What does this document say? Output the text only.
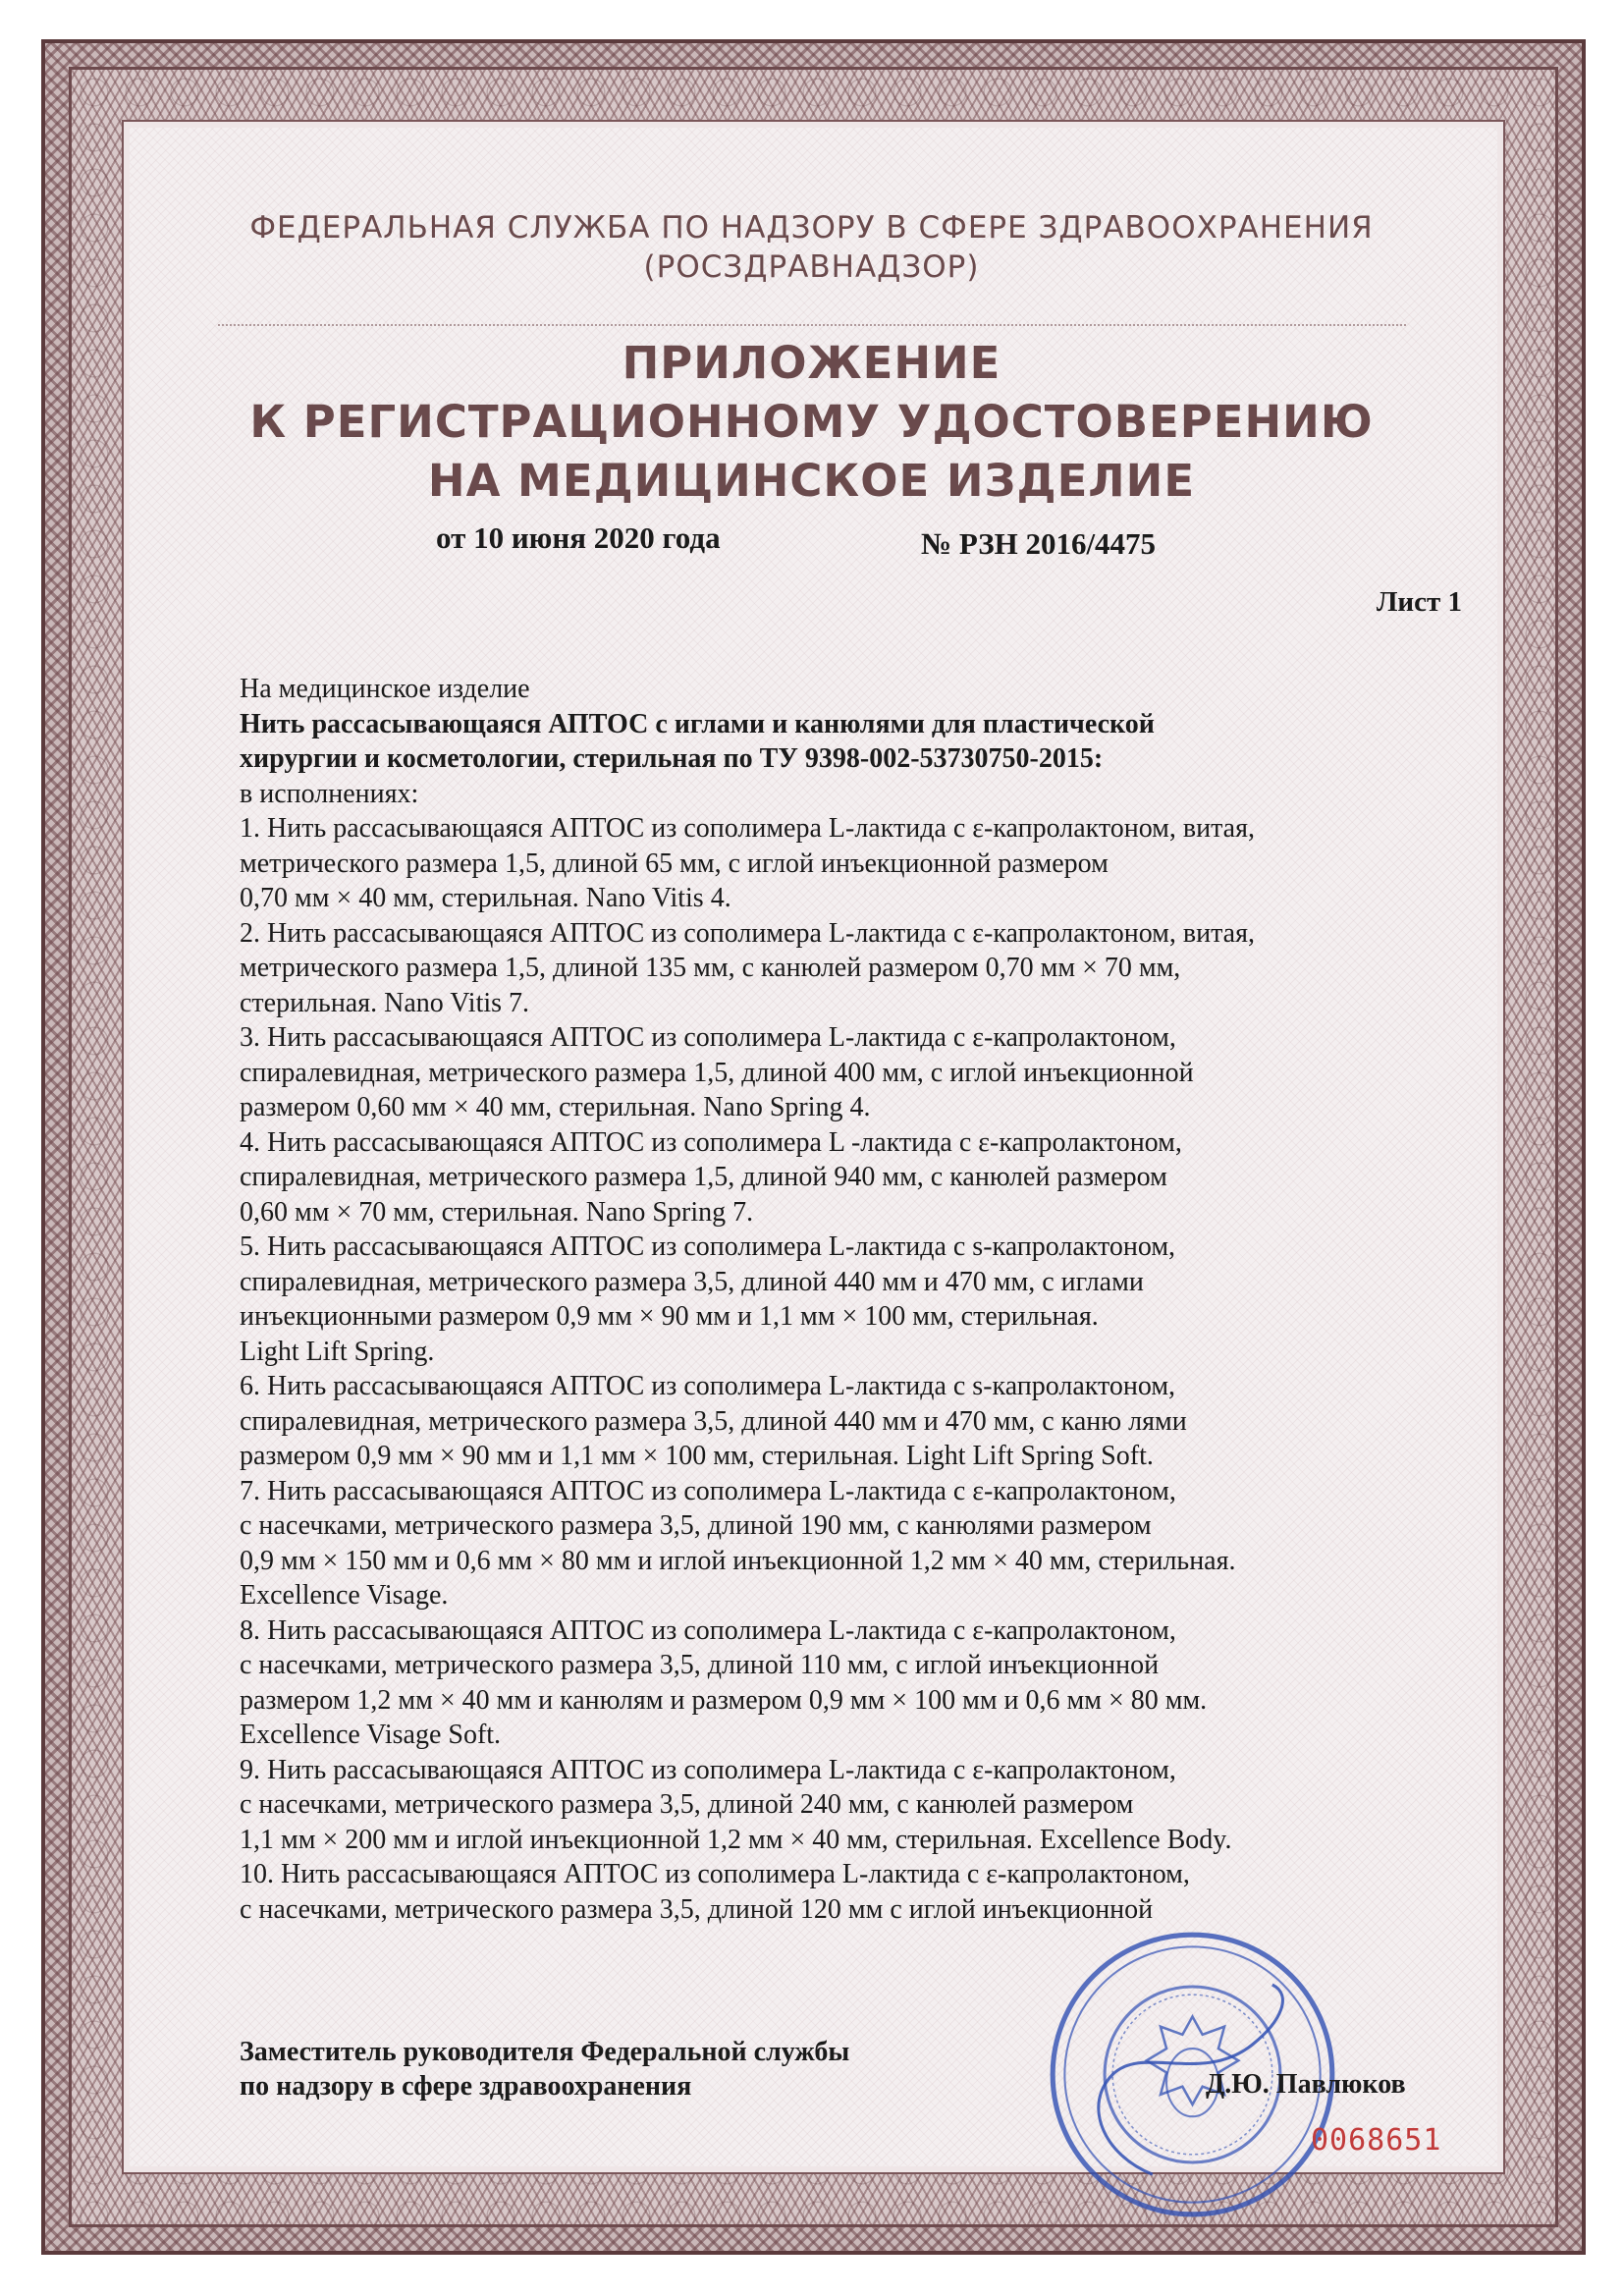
ФЕДЕРАЛЬНАЯ СЛУЖБА ПО НАДЗОРУ В СФЕРЕ ЗДРАВООХРАНЕНИЯ
(РОСЗДРАВНАДЗОР)
ПРИЛОЖЕНИЕ
К РЕГИСТРАЦИОННОМУ УДОСТОВЕРЕНИЮ
НА МЕДИЦИНСКОЕ ИЗДЕЛИЕ
от 10 июня 2020 года	№ РЗН 2016/4475
Лист 1
На медицинское изделие
Нить рассасывающаяся АПТОС с иглами и канюлями для пластической
хирургии и косметологии, стерильная по ТУ 9398-002-53730750-2015:
в исполнениях:
1. Нить рассасывающаяся АПТОС из сополимера L-лактида с ε-капролактоном, витая,
метрического размера 1,5, длиной 65 мм, с иглой инъекционной размером
0,70 мм × 40 мм, стерильная. Nano Vitis 4.
2. Нить рассасывающаяся АПТОС из сополимера L-лактида с ε-капролактоном, витая,
метрического размера 1,5, длиной 135 мм, с канюлей размером 0,70 мм × 70 мм,
стерильная. Nano Vitis 7.
3. Нить рассасывающаяся АПТОС из сополимера L-лактида с ε-капролактоном,
спиралевидная, метрического размера 1,5, длиной 400 мм, с иглой инъекционной
размером 0,60 мм × 40 мм, стерильная. Nano Spring 4.
4. Нить рассасывающаяся АПТОС из сополимера L -лактида с ε-капролактоном,
спиралевидная, метрического размера 1,5, длиной 940 мм, с канюлей размером
0,60 мм × 70 мм, стерильная. Nano Spring 7.
5. Нить рассасывающаяся АПТОС из сополимера L-лактида с s-капролактоном,
спиралевидная, метрического размера 3,5, длиной 440 мм и 470 мм, с иглами
инъекционными размером 0,9 мм × 90 мм и 1,1 мм × 100 мм, стерильная.
Light Lift Spring.
6. Нить рассасывающаяся АПТОС из сополимера L-лактида с s-капролактоном,
спиралевидная, метрического размера 3,5, длиной 440 мм и 470 мм, с каню лями
размером 0,9 мм × 90 мм и 1,1 мм × 100 мм, стерильная. Light Lift Spring Soft.
7. Нить рассасывающаяся АПТОС из сополимера L-лактида с ε-капролактоном,
с насечками, метрического размера 3,5, длиной 190 мм, с канюлями размером
0,9 мм × 150 мм и 0,6 мм × 80 мм и иглой инъекционной 1,2 мм × 40 мм, стерильная.
Excellence Visage.
8. Нить рассасывающаяся АПТОС из сополимера L-лактида с ε-капролактоном,
с насечками, метрического размера 3,5, длиной 110 мм, с иглой инъекционной
размером 1,2 мм × 40 мм и канюлям и размером 0,9 мм × 100 мм и 0,6 мм × 80 мм.
Excellence Visage Soft.
9. Нить рассасывающаяся АПТОС из сополимера L-лактида с ε-капролактоном,
с насечками, метрического размера 3,5, длиной 240 мм, с канюлей размером
1,1 мм × 200 мм и иглой инъекционной 1,2 мм × 40 мм, стерильная. Excellence Body.
10. Нить рассасывающаяся АПТОС из сополимера L-лактида с ε-капролактоном,
с насечками, метрического размера 3,5, длиной 120 мм с иглой инъекционной
Заместитель руководителя Федеральной службы
по надзору в сфере здравоохранения	Д.Ю. Павлюков
0068651
